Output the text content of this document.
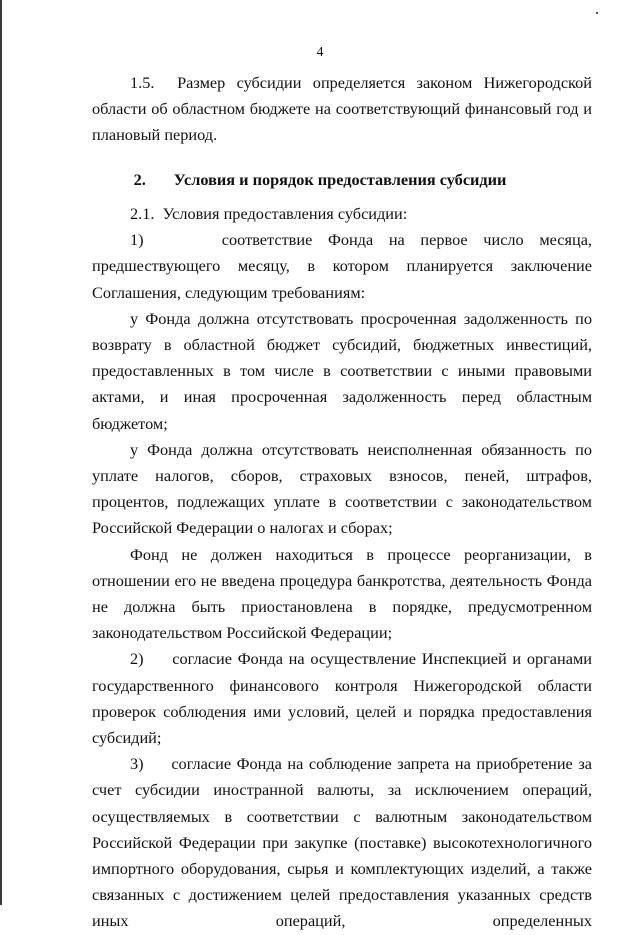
4

1.5.  Размер субсидии определяется законом Нижегородской области об областном бюджете на соответствующий финансовый год и плановый период.

2. Условия и порядок предоставления субсидии

2.1.  Условия предоставления субсидии:

1)     соответствие Фонда на первое число месяца, предшествующего месяцу, в котором планируется заключение Соглашения, следующим требованиям:

у Фонда должна отсутствовать просроченная задолженность по возврату в областной бюджет субсидий, бюджетных инвестиций, предоставленных в том числе в соответствии с иными правовыми актами, и иная просроченная задолженность перед областным бюджетом;

у Фонда должна отсутствовать неисполненная обязанность по уплате налогов, сборов, страховых взносов, пеней, штрафов, процентов, подлежащих уплате в соответствии с законодательством Российской Федерации о налогах и сборах;

Фонд не должен находиться в процессе реорганизации, в отношении его не введена процедура банкротства, деятельность Фонда не должна быть приостановлена в порядке, предусмотренном законодательством Российской Федерации;

2)     согласие Фонда на осуществление Инспекцией и органами государственного финансового контроля Нижегородской области проверок соблюдения ими условий, целей и порядка предоставления субсидий;

3)     согласие Фонда на соблюдение запрета на приобретение за счет субсидии иностранной валюты, за исключением операций, осуществляемых в соответствии с валютным законодательством Российской Федерации при закупке (поставке) высокотехнологичного импортного оборудования, сырья и комплектующих изделий, а также связанных с достижением целей предоставления указанных средств иных операций, определенных
